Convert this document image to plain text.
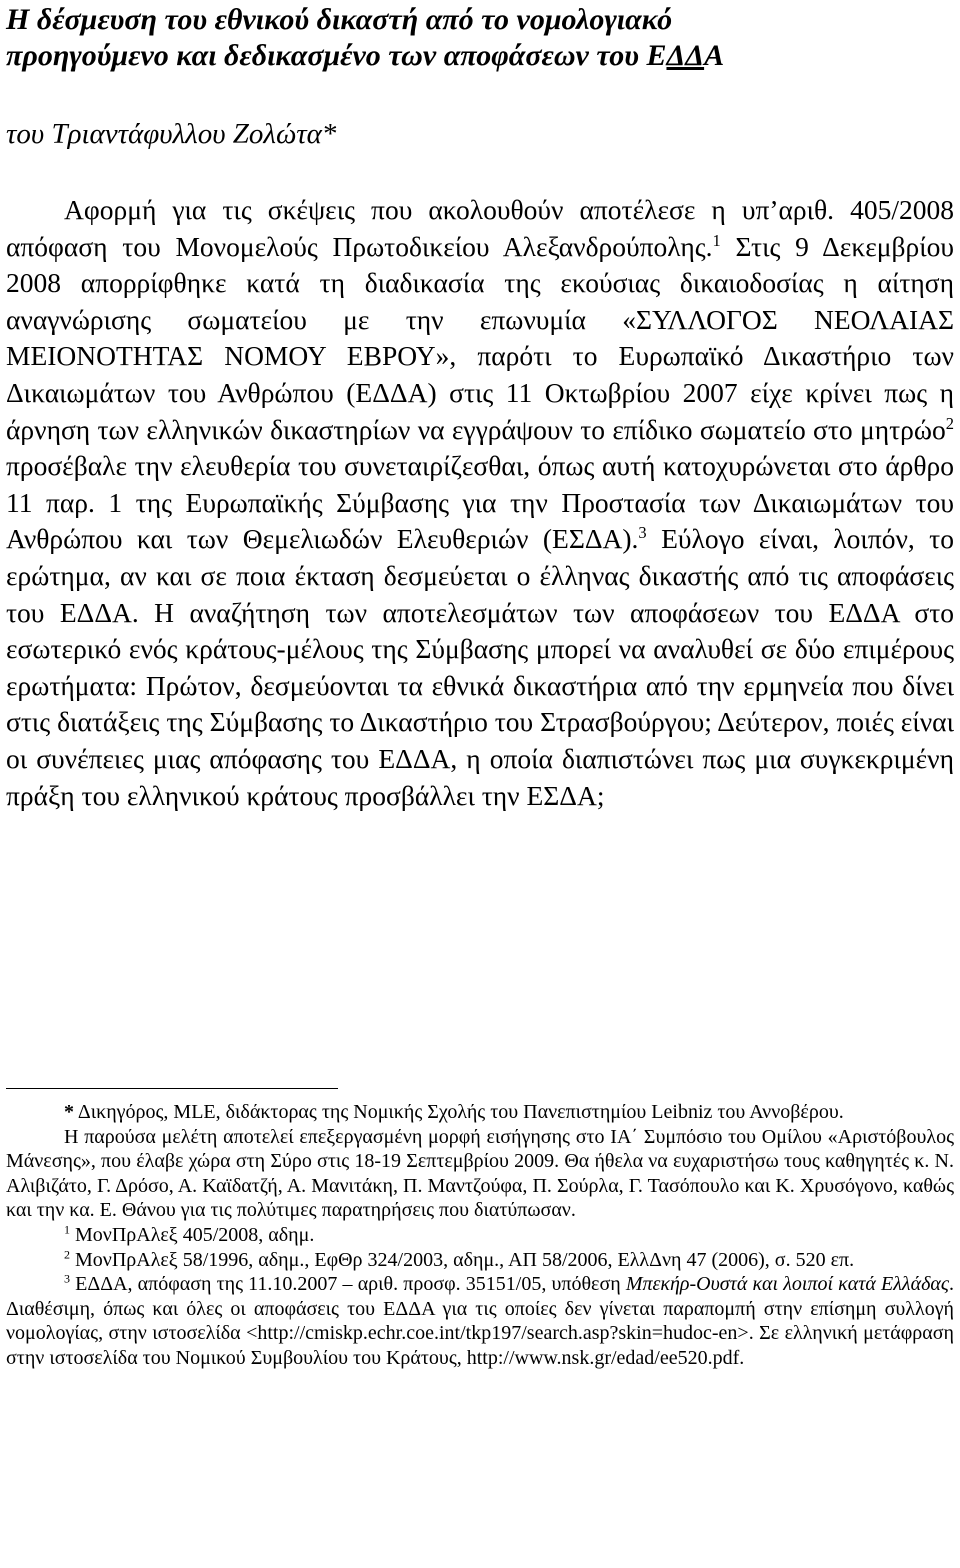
Η δέσμευση του εθνικού δικαστή από το νομολογιακό
προηγούμενο και δεδικασμένο των αποφάσεων του ΕΔΔΑ

του Τριαντάφυλλου Ζολώτα*

Αφορμή για τις σκέψεις που ακολουθούν αποτέλεσε η υπ’αριθ. 405/2008 απόφαση του Μονομελούς Πρωτοδικείου Αλεξανδρούπολης.$^1$ Στις 9 Δεκεμβρίου 2008 απορρίφθηκε κατά τη διαδικασία της εκούσιας δικαιοδοσίας η αίτηση αναγνώρισης σωματείου με την επωνυμία «ΣΥΛΛΟΓΟΣ ΝΕΟΛΑΙΑΣ ΜΕΙΟΝΟΤΗΤΑΣ ΝΟΜΟΥ ΕΒΡΟΥ», παρότι το Ευρωπαϊκό Δικαστήριο των Δικαιωμάτων του Ανθρώπου (ΕΔΔΑ) στις 11 Οκτωβρίου 2007 είχε κρίνει πως η άρνηση των ελληνικών δικαστηρίων να εγγράψουν το επίδικο σωματείο στο μητρώο$^2$ προσέβαλε την ελευθερία του συνεταιρίζεσθαι, όπως αυτή κατοχυρώνεται στο άρθρο 11 παρ. 1 της Ευρωπαϊκής Σύμβασης για την Προστασία των Δικαιωμάτων του Ανθρώπου και των Θεμελιωδών Ελευθεριών (ΕΣΔΑ).$^3$ Εύλογο είναι, λοιπόν, το ερώτημα, αν και σε ποια έκταση δεσμεύεται ο έλληνας δικαστής από τις αποφάσεις του ΕΔΔΑ. Η αναζήτηση των αποτελεσμάτων των αποφάσεων του ΕΔΔΑ στο εσωτερικό ενός κράτους-μέλους της Σύμβασης μπορεί να αναλυθεί σε δύο επιμέρους ερωτήματα: Πρώτον, δεσμεύονται τα εθνικά δικαστήρια από την ερμηνεία που δίνει στις διατάξεις της Σύμβασης το Δικαστήριο του Στρασβούργου; Δεύτερον, ποιές είναι οι συνέπειες μιας απόφασης του ΕΔΔΑ, η οποία διαπιστώνει πως μια συγκεκριμένη πράξη του ελληνικού κράτους προσβάλλει την ΕΣΔΑ;

* Δικηγόρος, MLE, διδάκτορας της Νομικής Σχολής του Πανεπιστημίου Leibniz του Αννοβέρου.

Η παρούσα μελέτη αποτελεί επεξεργασμένη μορφή εισήγησης στο ΙΑ΄ Συμπόσιο του Ομίλου «Αριστόβουλος Μάνεσης», που έλαβε χώρα στη Σύρο στις 18-19 Σεπτεμβρίου 2009. Θα ήθελα να ευχαριστήσω τους καθηγητές κ. Ν. Αλιβιζάτο, Γ. Δρόσο, Α. Καϊδατζή, Α. Μανιτάκη, Π. Μαντζούφα, Π. Σούρλα, Γ. Τασόπουλο και Κ. Χρυσόγονο, καθώς και την κα. Ε. Θάνου για τις πολύτιμες παρατηρήσεις που διατύπωσαν.

$^1$ ΜονΠρΑλεξ 405/2008, αδημ.

$^2$ ΜονΠρΑλεξ 58/1996, αδημ., ΕφΘρ 324/2003, αδημ., ΑΠ 58/2006, ΕλλΔνη 47 (2006), σ. 520 επ.

$^3$ ΕΔΔΑ, απόφαση της 11.10.2007 – αριθ. προσφ. 35151/05, υπόθεση Μπεκήρ-Ουστά και λοιποί κατά Ελλάδας. Διαθέσιμη, όπως και όλες οι αποφάσεις του ΕΔΔΑ για τις οποίες δεν γίνεται παραπομπή στην επίσημη συλλογή νομολογίας, στην ιστοσελίδα <http://cmiskp.echr.coe.int/tkp197/search.asp?skin=hudoc-en>. Σε ελληνική μετάφραση στην ιστοσελίδα του Νομικού Συμβουλίου του Κράτους, http://www.nsk.gr/edad/ee520.pdf.
